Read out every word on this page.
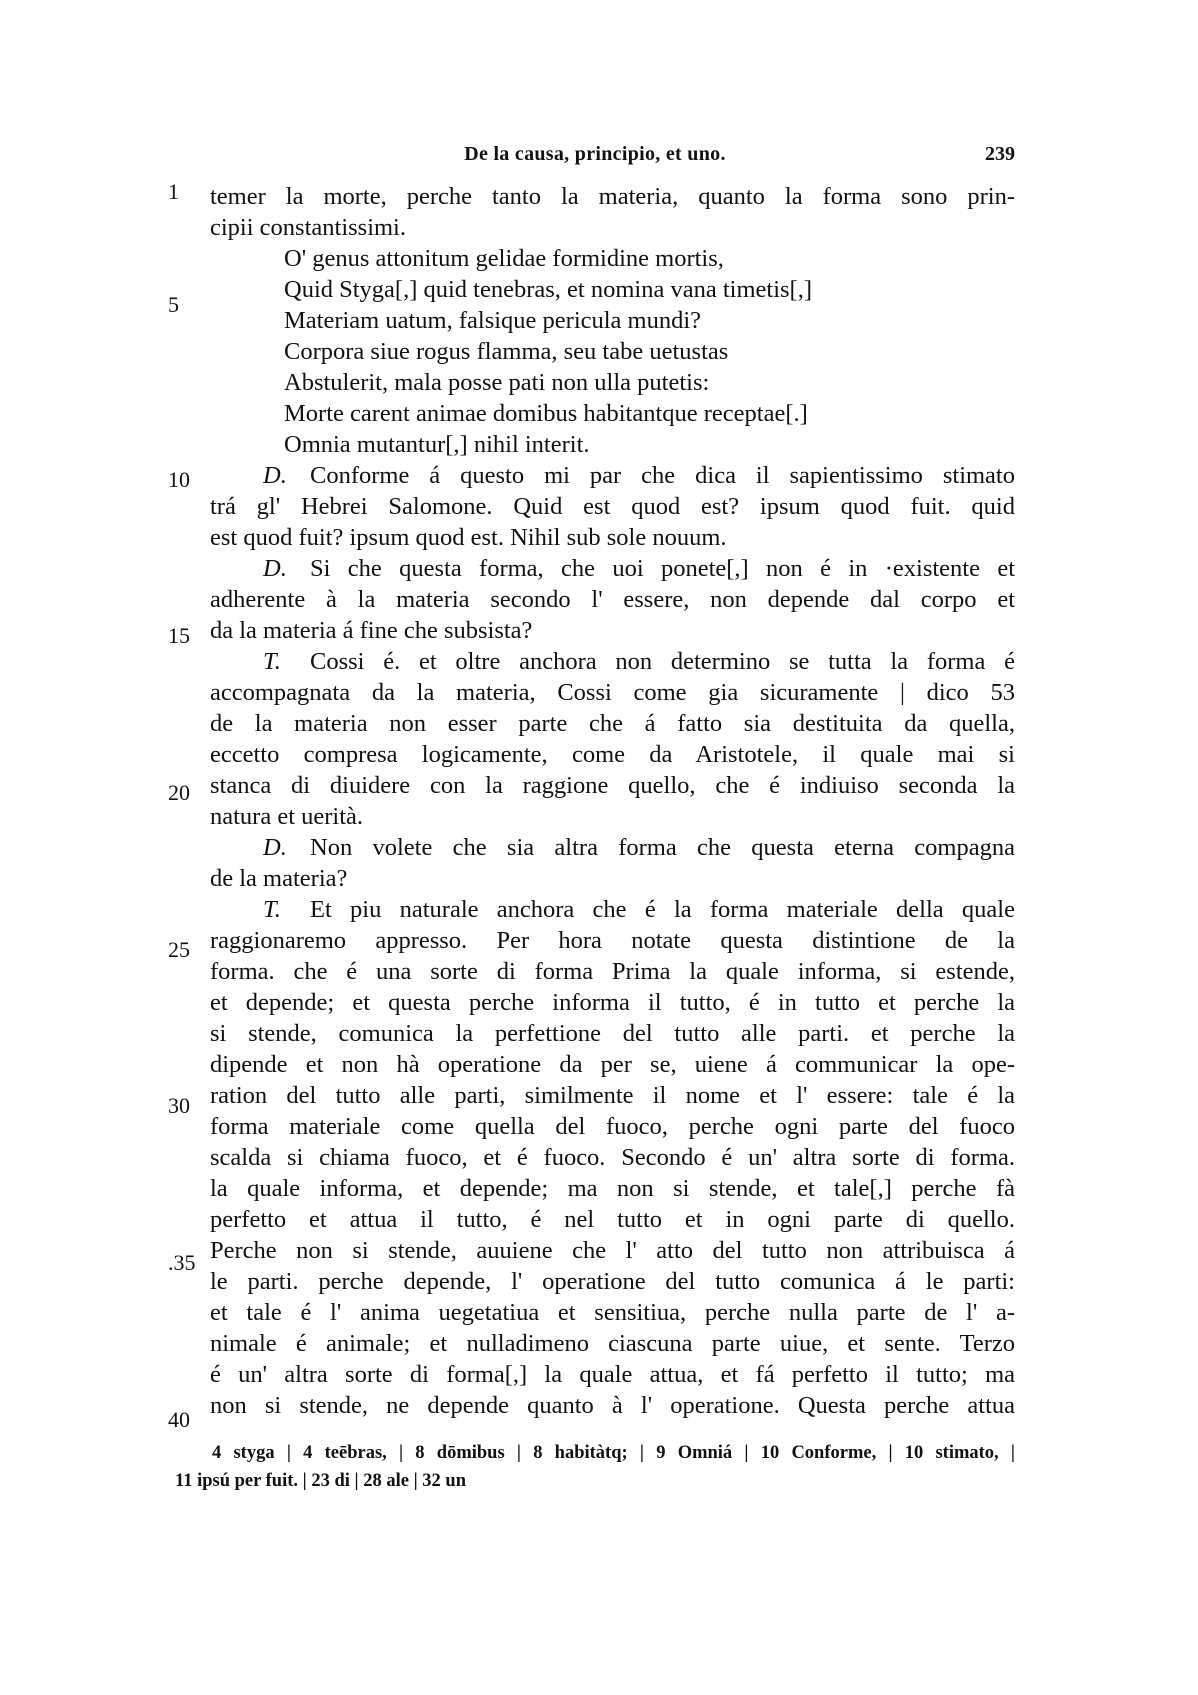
De la causa, principio, et uno.	239
1
5
10
15
20
25
30
.35
40
temer la morte, perche tanto la materia, quanto la forma sono prin-
cipii constantissimi.
O' genus attonitum gelidae formidine mortis,
Quid Styga[,] quid tenebras, et nomina vana timetis[,]
Materiam uatum, falsique pericula mundi?
Corpora siue rogus flamma, seu tabe uetustas
Abstulerit, mala posse pati non ulla putetis:
Morte carent animae domibus habitantque receptae[.]
Omnia mutantur[,] nihil interit.
D. Conforme á questo mi par che dica il sapientissimo stimato
trá gl' Hebrei Salomone. Quid est quod est? ipsum quod fuit. quid
est quod fuit? ipsum quod est. Nihil sub sole nouum.
D. Si che questa forma, che uoi ponete[,] non é in ·existente et
adherente à la materia secondo l' essere, non depende dal corpo et
da la materia á fine che subsista?
T. Cossi é. et oltre anchora non determino se tutta la forma é
accompagnata da la materia, Cossi come gia sicuramente | dico 53
de la materia non esser parte che á fatto sia destituita da quella,
eccetto compresa logicamente, come da Aristotele, il quale mai si
stanca di diuidere con la raggione quello, che é indiuiso seconda la
natura et uerità.
D. Non volete che sia altra forma che questa eterna compagna
de la materia?
T. Et piu naturale anchora che é la forma materiale della quale
raggionaremo appresso. Per hora notate questa distintione de la
forma. che é una sorte di forma Prima la quale informa, si estende,
et depende; et questa perche informa il tutto, é in tutto et perche la
si stende, comunica la perfettione del tutto alle parti. et perche la
dipende et non hà operatione da per se, uiene á communicar la ope-
ration del tutto alle parti, similmente il nome et l' essere: tale é la
forma materiale come quella del fuoco, perche ogni parte del fuoco
scalda si chiama fuoco, et é fuoco. Secondo é un' altra sorte di forma.
la quale informa, et depende; ma non si stende, et tale[,] perche fà
perfetto et attua il tutto, é nel tutto et in ogni parte di quello.
Perche non si stende, auuiene che l' atto del tutto non attribuisca á
le parti. perche depende, l' operatione del tutto comunica á le parti:
et tale é l' anima uegetatiua et sensitiua, perche nulla parte de l' a-
nimale é animale; et nulladimeno ciascuna parte uiue, et sente. Terzo
é un' altra sorte di forma[,] la quale attua, et fá perfetto il tutto; ma
non si stende, ne depende quanto à l' operatione. Questa perche attua
4 styga | 4 teēbras, | 8 dōmibus | 8 habitàtq; | 9 Omniá | 10 Conforme, | 10 stimato, |
11 ipsú per fuit. | 23 di | 28 ale | 32 un
